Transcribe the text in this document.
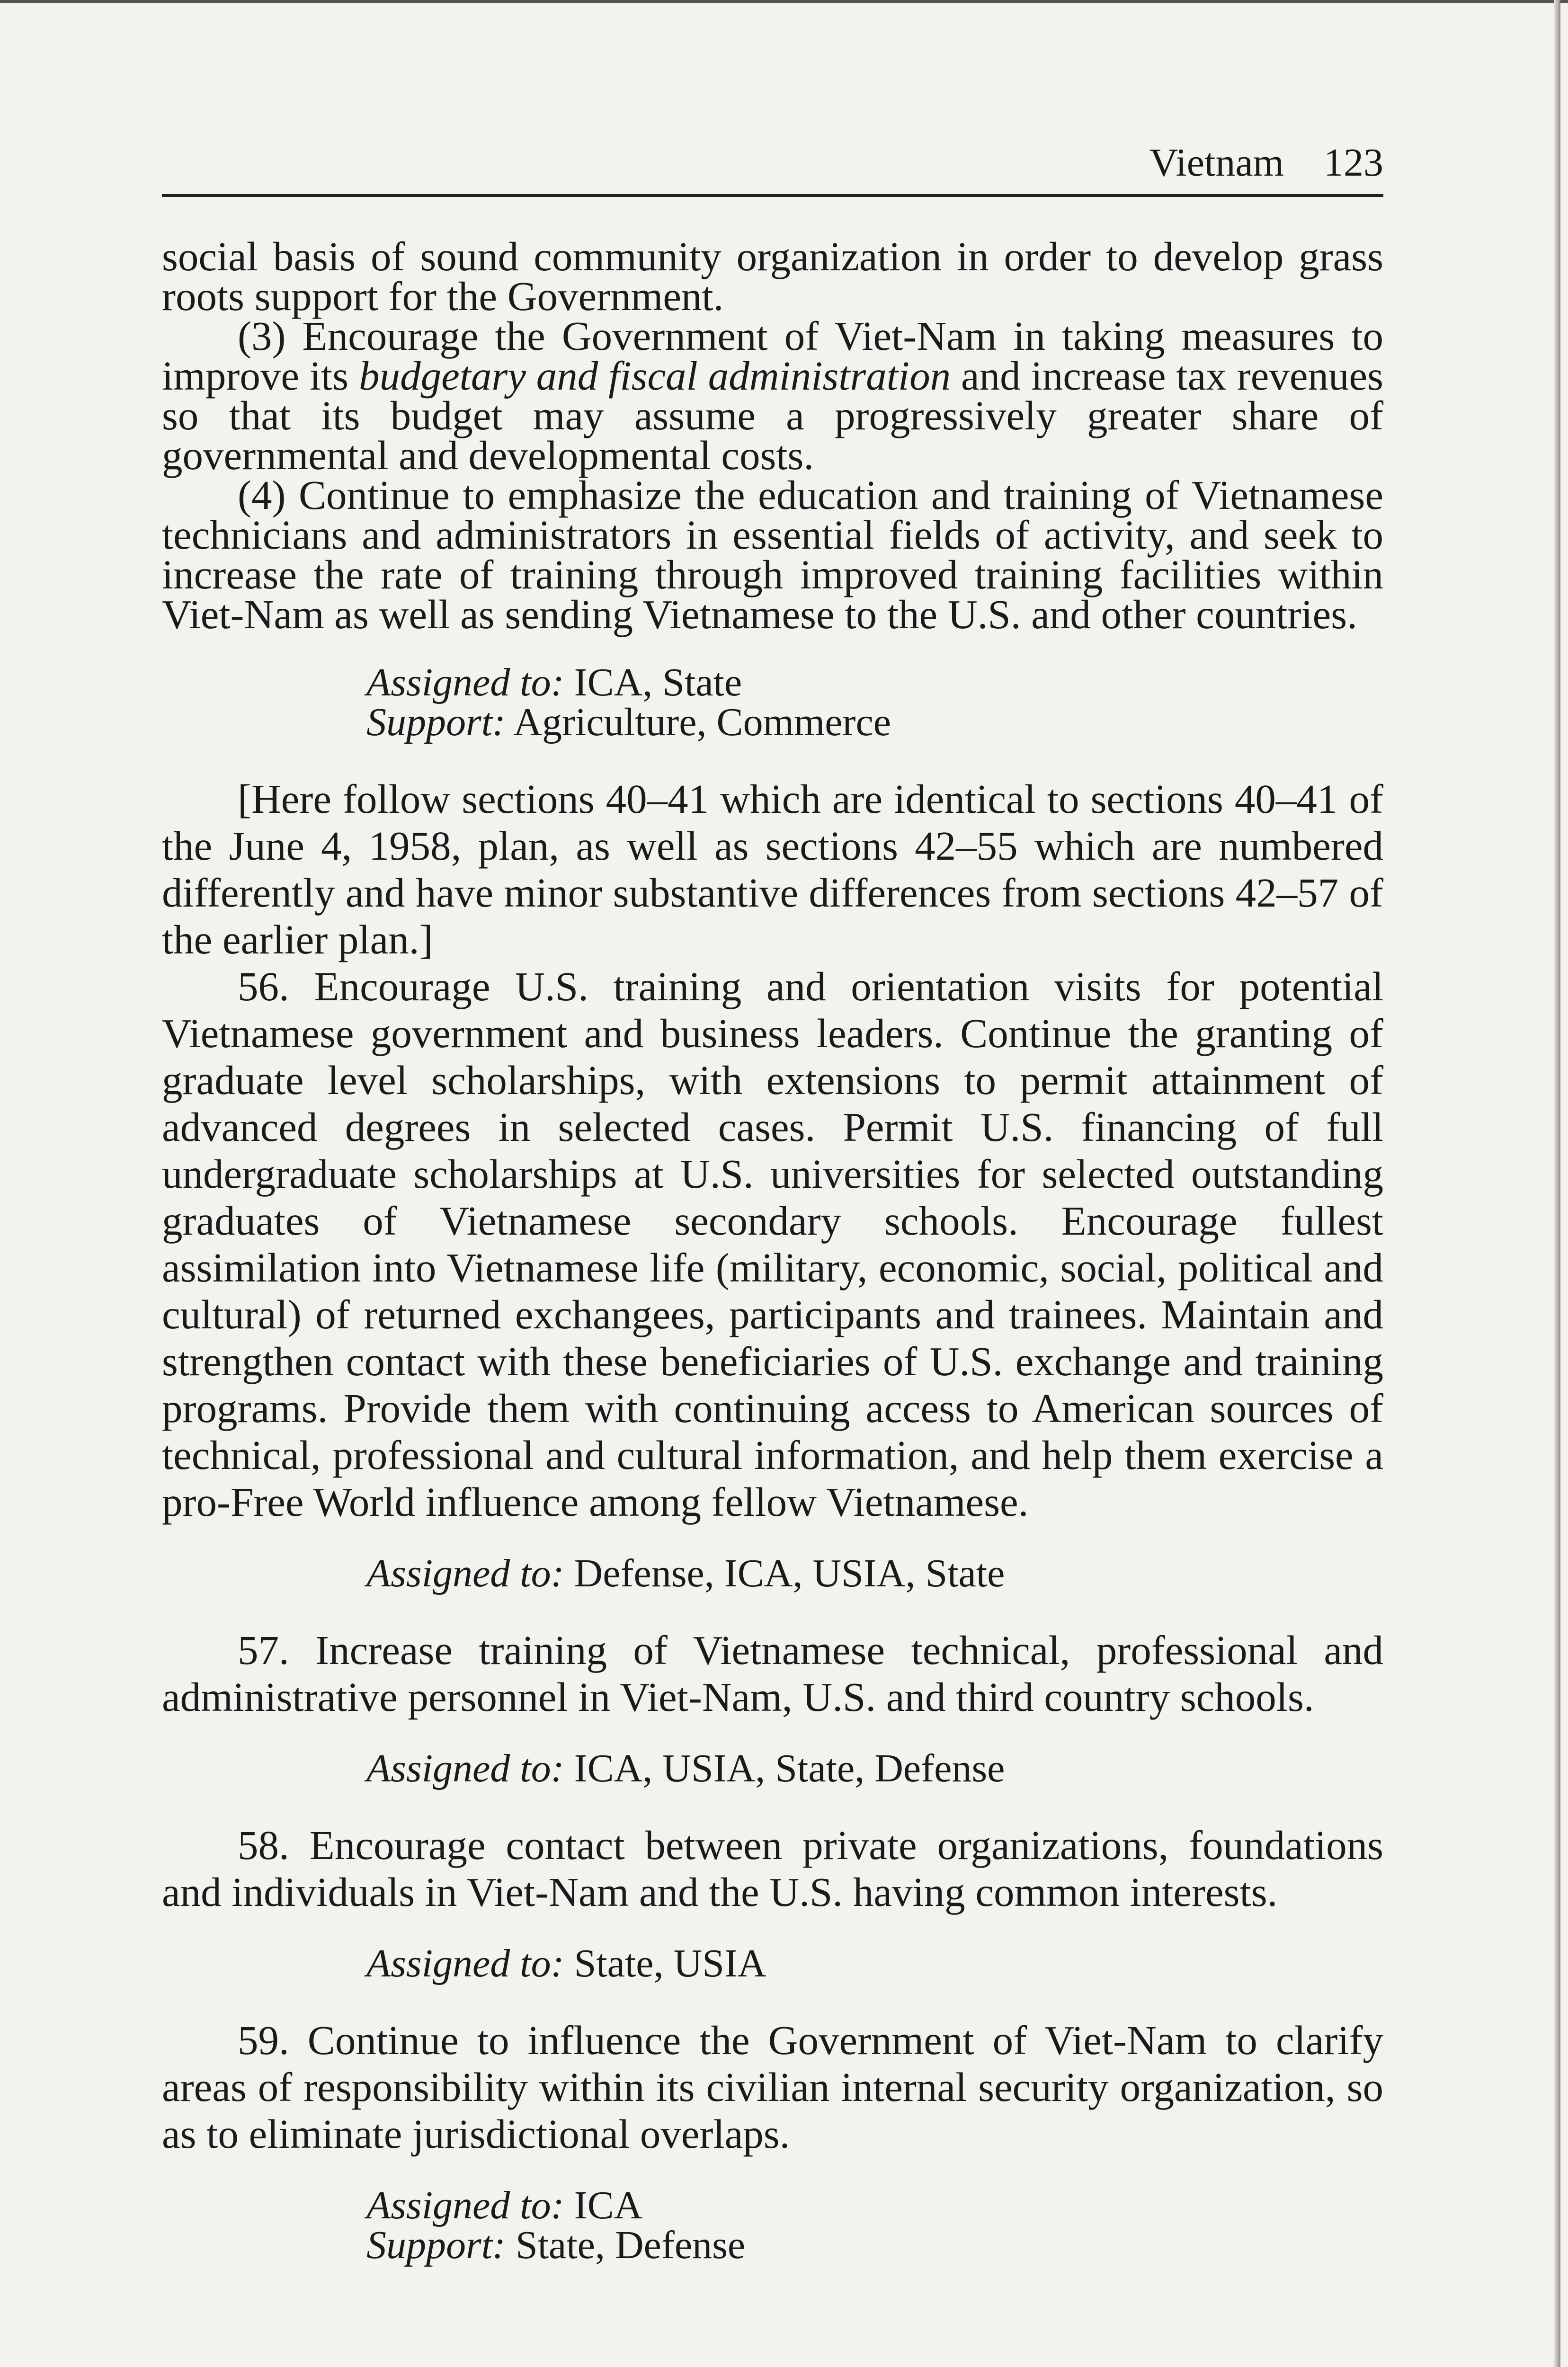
Vietnam 123

social basis of sound community organization in order to develop grass roots support for the Government.

(3) Encourage the Government of Viet-Nam in taking measures to improve its budgetary and fiscal administration and increase tax revenues so that its budget may assume a progressively greater share of governmental and developmental costs.

(4) Continue to emphasize the education and training of Vietnamese technicians and administrators in essential fields of activity, and seek to increase the rate of training through improved training facilities within Viet-Nam as well as sending Vietnamese to the U.S. and other countries.

Assigned to: ICA, State
Support: Agriculture, Commerce

[Here follow sections 40–41 which are identical to sections 40–41 of the June 4, 1958, plan, as well as sections 42–55 which are numbered differently and have minor substantive differences from sections 42–57 of the earlier plan.]

56. Encourage U.S. training and orientation visits for potential Vietnamese government and business leaders. Continue the granting of graduate level scholarships, with extensions to permit attainment of advanced degrees in selected cases. Permit U.S. financing of full undergraduate scholarships at U.S. universities for selected outstanding graduates of Vietnamese secondary schools. Encourage fullest assimilation into Vietnamese life (military, economic, social, political and cultural) of returned exchangees, participants and trainees. Maintain and strengthen contact with these beneficiaries of U.S. exchange and training programs. Provide them with continuing access to American sources of technical, professional and cultural information, and help them exercise a pro-Free World influence among fellow Vietnamese.

Assigned to: Defense, ICA, USIA, State

57. Increase training of Vietnamese technical, professional and administrative personnel in Viet-Nam, U.S. and third country schools.

Assigned to: ICA, USIA, State, Defense

58. Encourage contact between private organizations, foundations and individuals in Viet-Nam and the U.S. having common interests.

Assigned to: State, USIA

59. Continue to influence the Government of Viet-Nam to clarify areas of responsibility within its civilian internal security organization, so as to eliminate jurisdictional overlaps.

Assigned to: ICA
Support: State, Defense
